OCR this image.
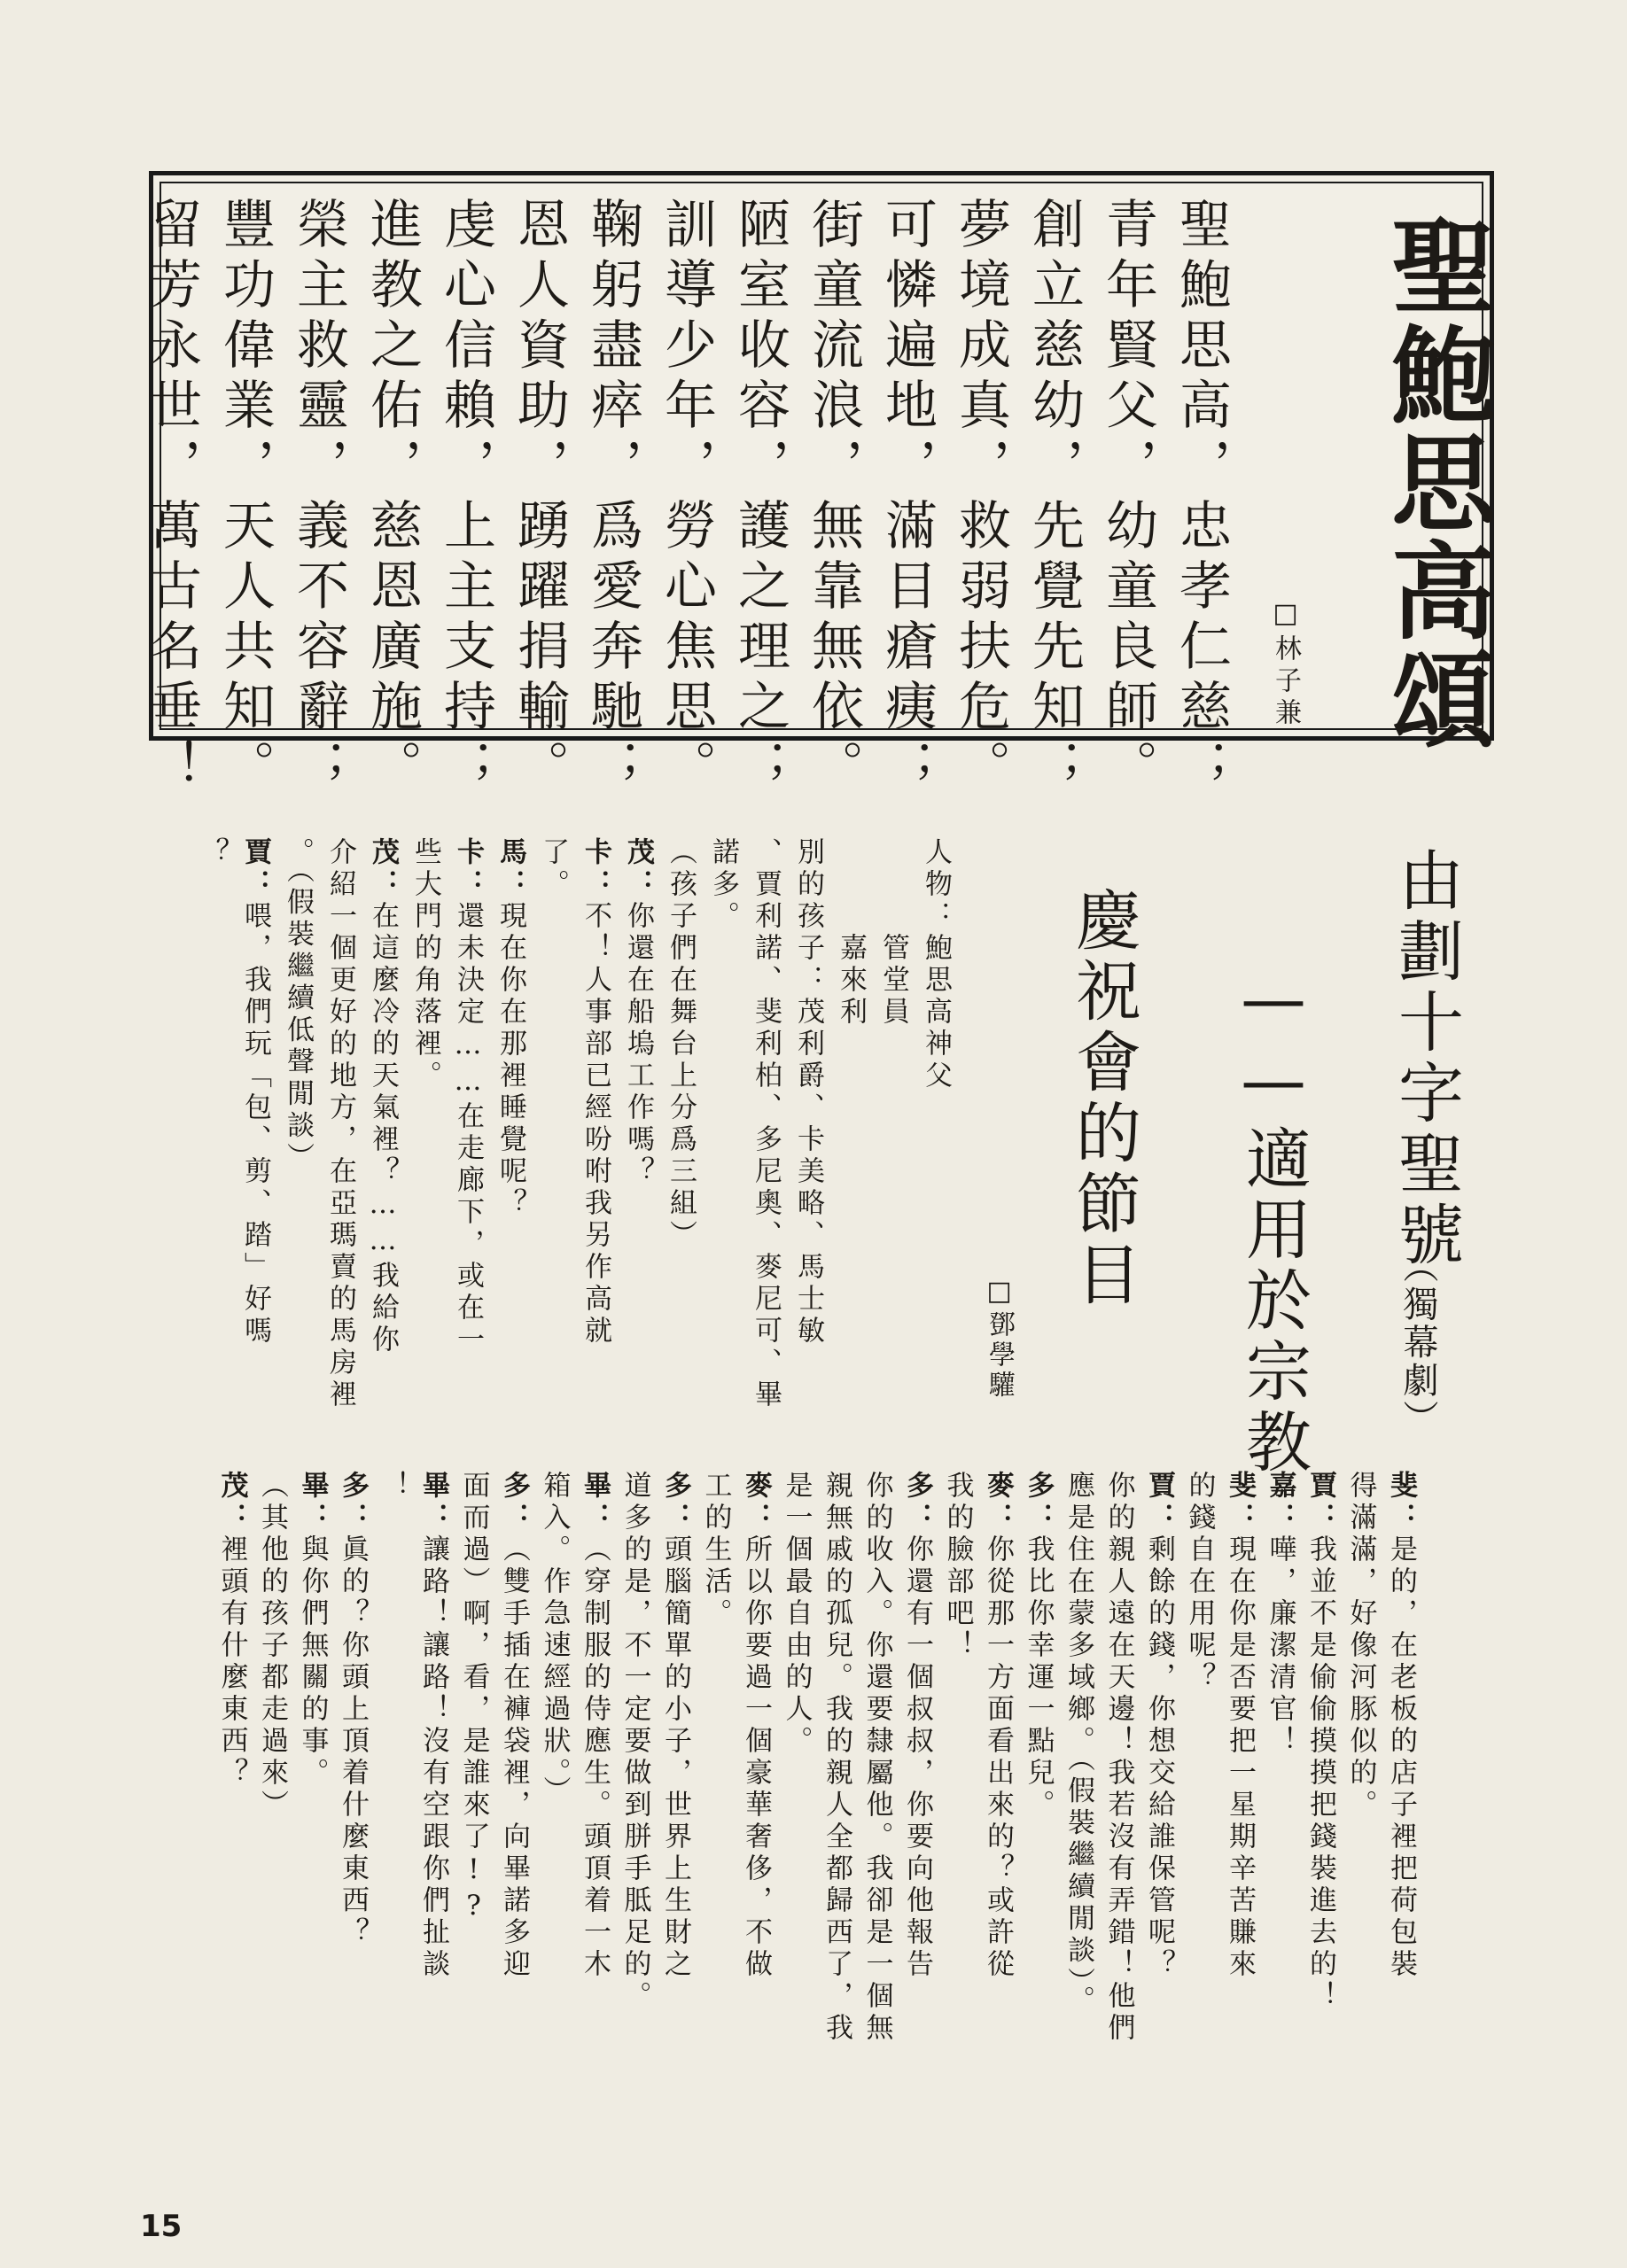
聖鮑思高頌
□林子兼
聖鮑思高，忠孝仁慈；
青年賢父，幼童良師。
創立慈幼，先覺先知；
夢境成真，救弱扶危。
可憐遍地，滿目瘡痍；
街童流浪，無靠無依。
陋室收容，護之理之；
訓導少年，勞心焦思。
鞠躬盡瘁，爲愛奔馳；
恩人資助，踴躍捐輸。
虔心信賴，上主支持；
進教之佑，慈恩廣施。
榮主救靈，義不容辭；
豐功偉業，天人共知。
留芳永世，萬古名垂！
由劃十字聖號
（獨幕劇）
——適用於宗教
慶祝會的節目
□鄧學驩
人物：鮑思高神父
　　　管堂員
　　　嘉來利
別的孩子：茂利爵、卡美略、馬士敏
、賈利諾、斐利柏、多尼奧、麥尼可、畢
諾多。
（孩子們在舞台上分爲三組）
茂：你還在船塢工作嗎？
卡：不！人事部已經吩咐我另作高就
了。
馬：現在你在那裡睡覺呢？
卡：還未決定……在走廊下，或在一
些大門的角落裡。
茂：在這麼冷的天氣裡？……我給你
介紹一個更好的地方，在亞瑪賣的馬房裡
。（假裝繼續低聲閒談）
賈：喂，我們玩「包、剪、踏」好嗎
？
斐：是的，在老板的店子裡把荷包裝
得滿滿，好像河豚似的。
賈：我並不是偷偷摸摸把錢裝進去的！
嘉：嘩，廉潔清官！
斐：現在你是否要把一星期辛苦賺來
的錢自在用呢？
賈：剩餘的錢，你想交給誰保管呢？
你的親人遠在天邊！我若沒有弄錯！他們
應是住在蒙多域鄉。（假裝繼續閒談）。
多：我比你幸運一點兒。
麥：你從那一方面看出來的？或許從
我的臉部吧！
多：你還有一個叔叔，你要向他報告
你的收入。你還要隸屬他。我卻是一個無
親無戚的孤兒。我的親人全都歸西了，我
是一個最自由的人。
麥：所以你要過一個豪華奢侈，不做
工的生活。
多：頭腦簡單的小子，世界上生財之
道多的是，不一定要做到胼手胝足的。
畢：（穿制服的侍應生。頭頂着一木
箱入。作急速經過狀。）
多：（雙手插在褲袋裡，向畢諾多迎
面而過）啊，看，是誰來了!?
畢：讓路！讓路！沒有空跟你們扯談
！
多：眞的？你頭上頂着什麼東西？
畢：與你們無關的事。
（其他的孩子都走過來）
茂：裡頭有什麼東西？
15
